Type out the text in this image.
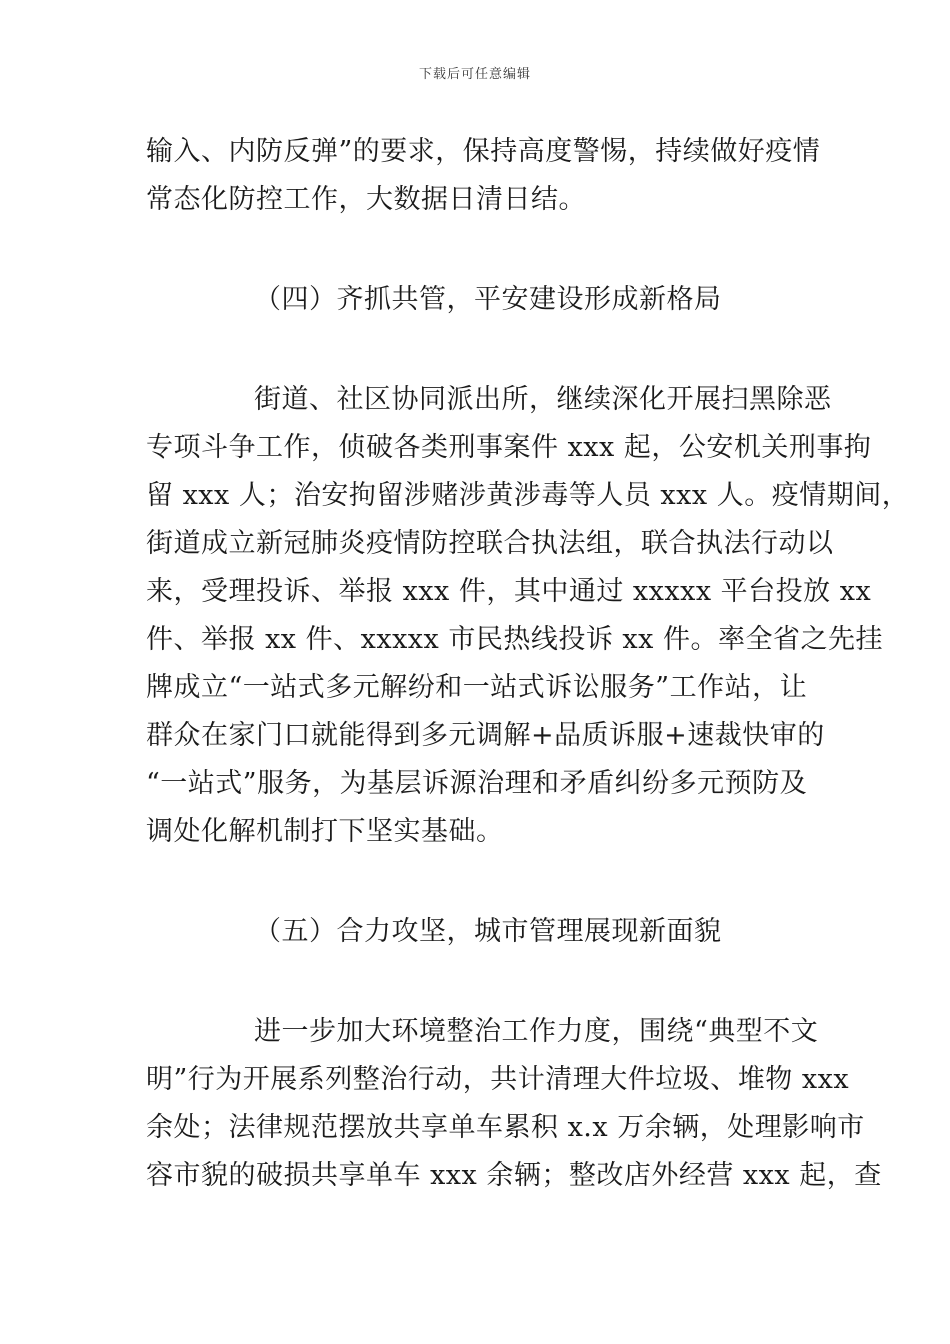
下载后可任意编辑
输入、内防反弹”的要求，保持高度警惕，持续做好疫情
常态化防控工作，大数据日清日结。
（四）齐抓共管，平安建设形成新格局
街道、社区协同派出所，继续深化开展扫黑除恶
专项斗争工作，侦破各类刑事案件 xxx 起，公安机关刑事拘
留 xxx 人；治安拘留涉赌涉黄涉毒等人员 xxx 人。疫情期间，
街道成立新冠肺炎疫情防控联合执法组，联合执法行动以
来，受理投诉、举报 xxx 件，其中通过 xxxxx 平台投放 xx
件、举报 xx 件、xxxxx 市民热线投诉 xx 件。率全省之先挂
牌成立“一站式多元解纷和一站式诉讼服务”工作站，让
群众在家门口就能得到多元调解+品质诉服+速裁快审的
“一站式”服务，为基层诉源治理和矛盾纠纷多元预防及
调处化解机制打下坚实基础。
（五）合力攻坚，城市管理展现新面貌
进一步加大环境整治工作力度，围绕“典型不文
明”行为开展系列整治行动，共计清理大件垃圾、堆物 xxx
余处；法律规范摆放共享单车累积 x.x 万余辆，处理影响市
容市貌的破损共享单车 xxx 余辆；整改店外经营 xxx 起，查
